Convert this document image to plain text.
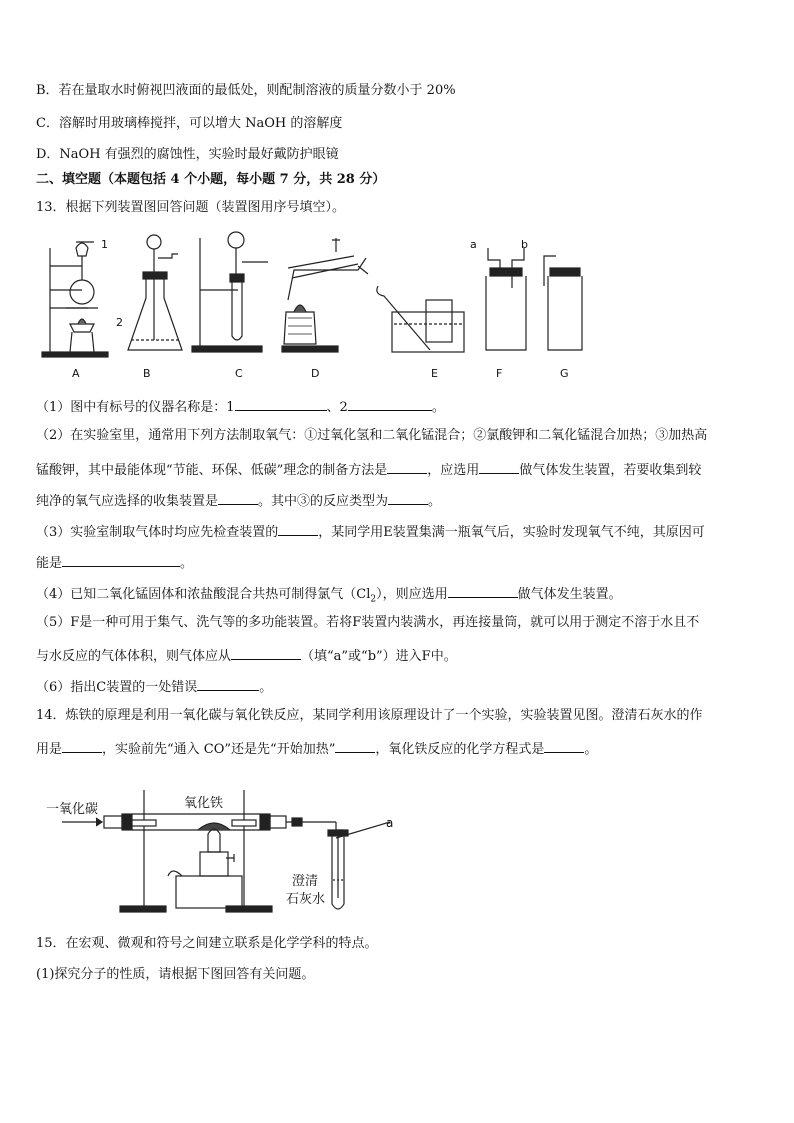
B．若在量取水时俯视凹液面的最低处，则配制溶液的质量分数小于 20%
C．溶解时用玻璃棒搅拌，可以增大 NaOH 的溶解度
D．NaOH 有强烈的腐蚀性，实验时最好戴防护眼镜
二、填空题（本题包括 4 个小题，每小题 7 分，共 28 分）
13．根据下列装置图回答问题（装置图用序号填空）。
1
2
a	b
A	B	C	D	E	F	G
（1）图中有标号的仪器名称是：1	、2	。
（2）在实验室里，通常用下列方法制取氧气：①过氧化氢和二氧化锰混合；②氯酸钾和二氧化锰混合加热；③加热高
锰酸钾，其中最能体现“节能、环保、低碳”理念的制备方法是	，应选用	做气体发生装置，若要收集到较
纯净的氧气应选择的收集装置是	。其中③的反应类型为	。
（3）实验室制取气体时均应先检查装置的	，某同学用E装置集满一瓶氧气后，实验时发现氧气不纯，其原因可
能是	。
（4）已知二氧化锰固体和浓盐酸混合共热可制得氯气$(Cl_2)$，则应选用	做气体发生装置。
（5）F是一种可用于集气、洗气等的多功能装置。若将F装置内装满水，再连接量筒，就可以用于测定不溶于水且不
与水反应的气体体积，则气体应从	（填“a”或“b”）进入F中。
（6）指出C装置的一处错误	。
14．炼铁的原理是利用一氧化碳与氧化铁反应，某同学利用该原理设计了一个实验，实验装置见图。澄清石灰水的作
用是	，实验前先“通入 CO”还是先“开始加热”	，氧化铁反应的化学方程式是	。
一氧化碳	氧化铁
澄清
石灰水
a
15．在宏观、微观和符号之间建立联系是化学学科的特点。
(1)探究分子的性质，请根据下图回答有关问题。
